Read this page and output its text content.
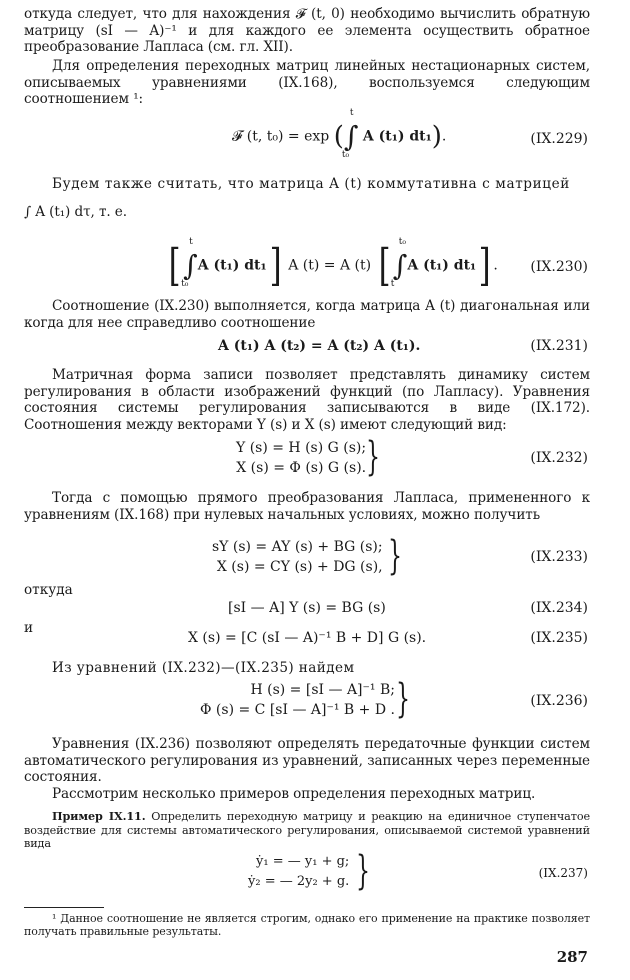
откуда следует, что для нахождения 𝓕 (t, 0) необходимо вычислить обратную матрицу (sI — A)⁻¹ и для каждого ее элемента осуществить обратное преобразование Лапласа (см. гл. XII).

Для определения переходных матриц линейных нестационарных систем, описываемых уравнениями (IX.168), воспользуемся следующим соотношением ¹:

𝓕 (t, t₀) = exp (
t
∫
t₀
A (t₁) dt₁).	(IX.229)

Будем также считать, что матрица A (t) коммутативна с матрицей

∫ A (t₁) dτ, т. е.

[ t
∫
t₀
A (t₁) dt₁] A (t) = A (t) [ t₀
∫
t
A (t₁) dt₁] . (IX.230)

Соотношение (IX.230) выполняется, когда матрица A (t) диагональная или когда для нее справедливо соотношение

A (t₁) A (t₂) = A (t₂) A (t₁).	(IX.231)

Матричная форма записи позволяет представлять динамику систем регулирования в области изображений функций (по Лапласу). Уравнения состояния системы регулирования записываются в виде (IX.172). Соотношения между векторами Y (s) и X (s) имеют следующий вид:

Y (s) = H (s) G (s);
X (s) = Φ (s) G (s). }	(IX.232)

Тогда с помощью прямого преобразования Лапласа, примененного к уравнениям (IX.168) при нулевых начальных условиях, можно получить

sY (s) = AY (s) + BG (s);
X (s) = CY (s) + DG (s), }	(IX.233)
откуда
[sI — A] Y (s) = BG (s)	(IX.234)
и
X (s) = [C (sI — A)⁻¹ B + D] G (s).	(IX.235)

Из уравнений (IX.232)—(IX.235) найдем

H (s) = [sI — A]⁻¹ B;
Φ (s) = C [sI — A]⁻¹ B + D . }	(IX.236)

Уравнения (IX.236) позволяют определять передаточные функции систем автоматического регулирования из уравнений, записанных через переменные состояния.

Рассмотрим несколько примеров определения переходных матриц.

Пример IX.11. Определить переходную матрицу и реакцию на единичное ступенчатое воздействие для системы автоматического регулирования, описываемой системой уравнений вида

ẏ₁ = — y₁ + g;
ẏ₂ = — 2y₂ + g. }	(IX.237)

¹ Данное соотношение не является строгим, однако его применение на практике позволяет получать правильные результаты.

287
